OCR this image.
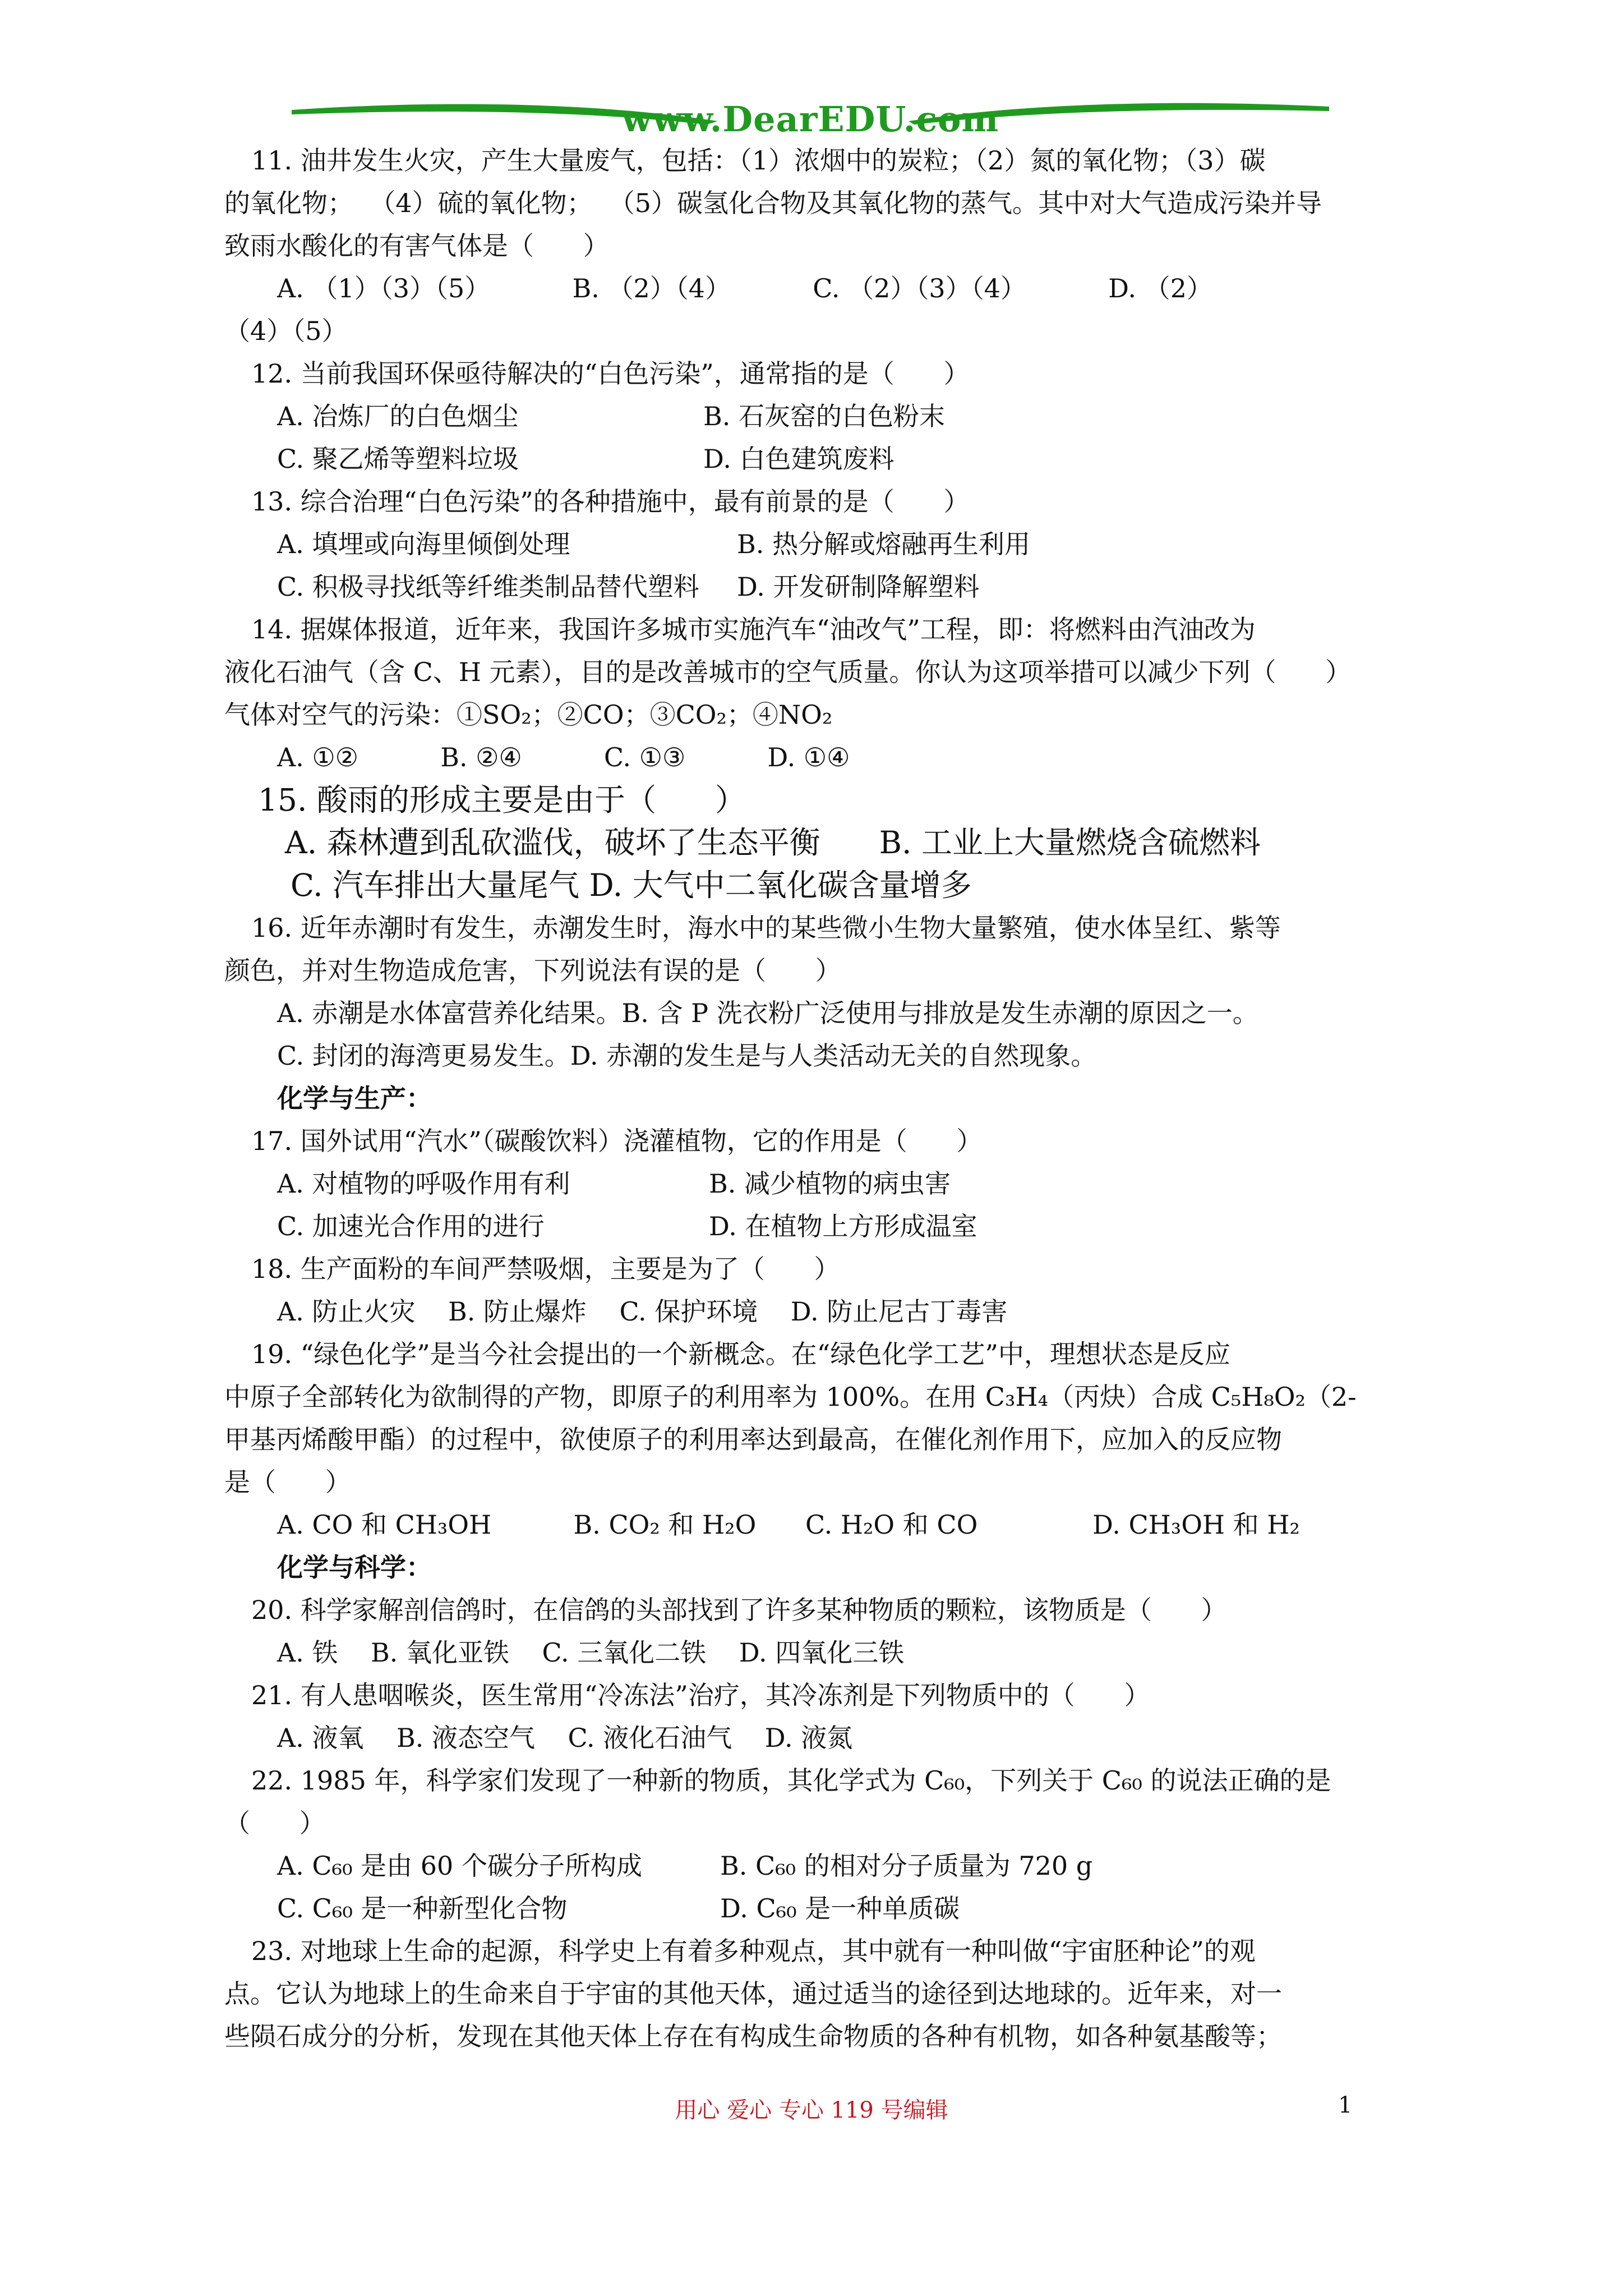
www.DearEDU.com
11. 油井发生火灾，产生大量废气，包括：（1）浓烟中的炭粒；（2）氮的氧化物；（3）碳
的氧化物；  （4）硫的氧化物；  （5）碳氢化合物及其氧化物的蒸气。其中对大气造成污染并导
致雨水酸化的有害气体是（      ）
A. （1）（3）（5）          B. （2）（4）          C. （2）（3）（4）          D. （2）
（4）（5）
12. 当前我国环保亟待解决的“白色污染”，通常指的是（      ）
A. 冶炼厂的白色烟尘	B. 石灰窑的白色粉末
C. 聚乙烯等塑料垃圾	D. 白色建筑废料
13. 综合治理“白色污染”的各种措施中，最有前景的是（      ）
A. 填埋或向海里倾倒处理	B. 热分解或熔融再生利用
C. 积极寻找纸等纤维类制品替代塑料	D. 开发研制降解塑料
14. 据媒体报道，近年来，我国许多城市实施汽车“油改气”工程，即：将燃料由汽油改为
液化石油气（含 C、H 元素），目的是改善城市的空气质量。你认为这项举措可以减少下列（      ）
气体对空气的污染：①SO₂；②CO；③CO₂；④NO₂
A. ①②          B. ②④          C. ①③          D. ①④
15. 酸雨的形成主要是由于（      ）
A. 森林遭到乱砍滥伐，破坏了生态平衡      B. 工业上大量燃烧含硫燃料
C. 汽车排出大量尾气 D. 大气中二氧化碳含量增多
16. 近年赤潮时有发生，赤潮发生时，海水中的某些微小生物大量繁殖，使水体呈红、紫等
颜色，并对生物造成危害，下列说法有误的是（      ）
A. 赤潮是水体富营养化结果。B. 含 P 洗衣粉广泛使用与排放是发生赤潮的原因之一。
C. 封闭的海湾更易发生。D. 赤潮的发生是与人类活动无关的自然现象。
化学与生产：
17. 国外试用“汽水”（碳酸饮料）浇灌植物，它的作用是（      ）
A. 对植物的呼吸作用有利	B. 减少植物的病虫害
C. 加速光合作用的进行	D. 在植物上方形成温室
18. 生产面粉的车间严禁吸烟，主要是为了（      ）
A. 防止火灾    B. 防止爆炸    C. 保护环境    D. 防止尼古丁毒害
19. “绿色化学”是当今社会提出的一个新概念。在“绿色化学工艺”中，理想状态是反应
中原子全部转化为欲制得的产物，即原子的利用率为 100%。在用 C₃H₄（丙炔）合成 C₅H₈O₂（2-
甲基丙烯酸甲酯）的过程中，欲使原子的利用率达到最高，在催化剂作用下，应加入的反应物
是（      ）
A. CO 和 CH₃OH          B. CO₂ 和 H₂O      C. H₂O 和 CO              D. CH₃OH 和 H₂
化学与科学：
20. 科学家解剖信鸽时，在信鸽的头部找到了许多某种物质的颗粒，该物质是（      ）
A. 铁    B. 氧化亚铁    C. 三氧化二铁    D. 四氧化三铁
21. 有人患咽喉炎，医生常用“冷冻法”治疗，其冷冻剂是下列物质中的（      ）
A. 液氧    B. 液态空气    C. 液化石油气    D. 液氮
22. 1985 年，科学家们发现了一种新的物质，其化学式为 C₆₀，下列关于 C₆₀ 的说法正确的是
（      ）
A. C₆₀ 是由 60 个碳分子所构成	B. C₆₀ 的相对分子质量为 720 g
C. C₆₀ 是一种新型化合物	D. C₆₀ 是一种单质碳
23. 对地球上生命的起源，科学史上有着多种观点，其中就有一种叫做“宇宙胚种论”的观
点。它认为地球上的生命来自于宇宙的其他天体，通过适当的途径到达地球的。近年来，对一
些陨石成分的分析，发现在其他天体上存在有构成生命物质的各种有机物，如各种氨基酸等；
用心 爱心 专心 119 号编辑	1
